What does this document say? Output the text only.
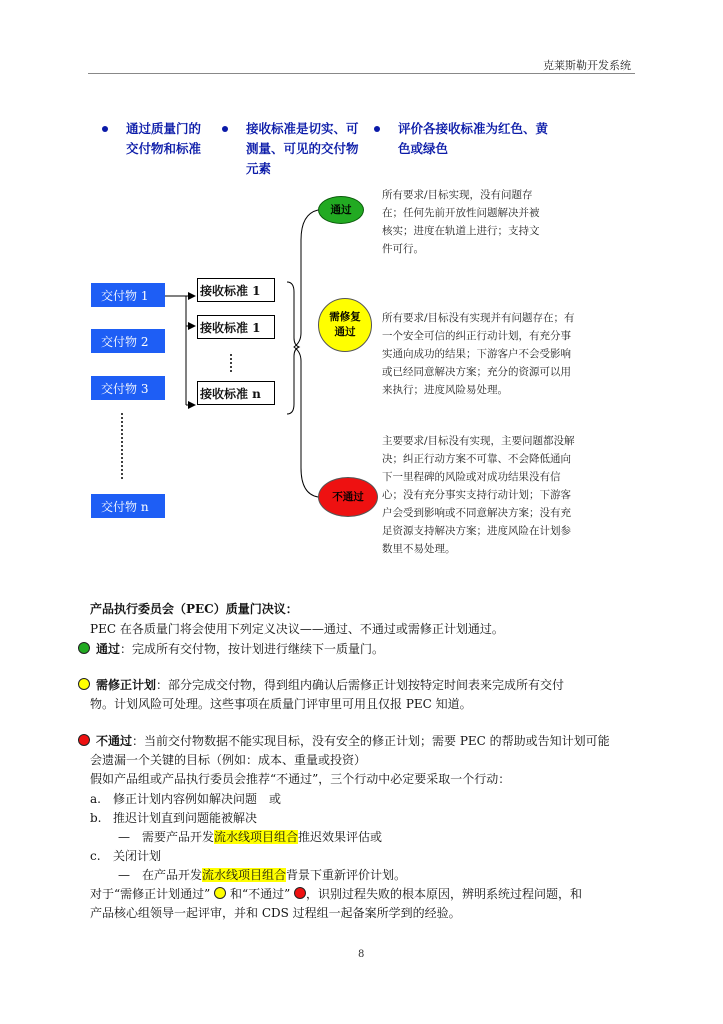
克莱斯勒开发系统
通过质量门的
交付物和标准
接收标准是切实、可
测量、可见的交付物
元素
评价各接收标准为红色、黄
色或绿色
交付物 1
交付物 2
交付物 3
交付物 n
接收标准 1
接收标准 1
接收标准 n
通过
需修复
通过
不通过
所有要求/目标实现，没有问题存
在；任何先前开放性问题解决并被
核实；进度在轨道上进行；支持文
件可行。
所有要求/目标没有实现并有问题存在；有
一个安全可信的纠正行动计划，有充分事
实通向成功的结果；下游客户不会受影响
或已经同意解决方案；充分的资源可以用
来执行；进度风险易处理。
主要要求/目标没有实现，主要问题都没解
决；纠正行动方案不可靠、不会降低通向
下一里程碑的风险或对成功结果没有信
心；没有充分事实支持行动计划；下游客
户会受到影响或不同意解决方案；没有充
足资源支持解决方案；进度风险在计划参
数里不易处理。
产品执行委员会（PEC）质量门决议：
PEC 在各质量门将会使用下列定义决议——通过、不通过或需修正计划通过。
通过：完成所有交付物，按计划进行继续下一质量门。
需修正计划：部分完成交付物，得到组内确认后需修正计划按特定时间表来完成所有交付
物。计划风险可处理。这些事项在质量门评审里可用且仅报 PEC 知道。
不通过：当前交付物数据不能实现目标，没有安全的修正计划；需要 PEC 的帮助或告知计划可能
会遗漏一个关键的目标（例如：成本、重量或投资）
假如产品组或产品执行委员会推荐“不通过”，三个行动中必定要采取一个行动：
a. 修正计划内容例如解决问题　或
b. 推迟计划直到问题能被解决
—　需要产品开发流水线项目组合推迟效果评估或
c. 关闭计划
—　在产品开发流水线项目组合背景下重新评价计划。
对于“需修正计划通过” 和“不通过” ，识别过程失败的根本原因，辨明系统过程问题，和
产品核心组领导一起评审，并和 CDS 过程组一起备案所学到的经验。
8
